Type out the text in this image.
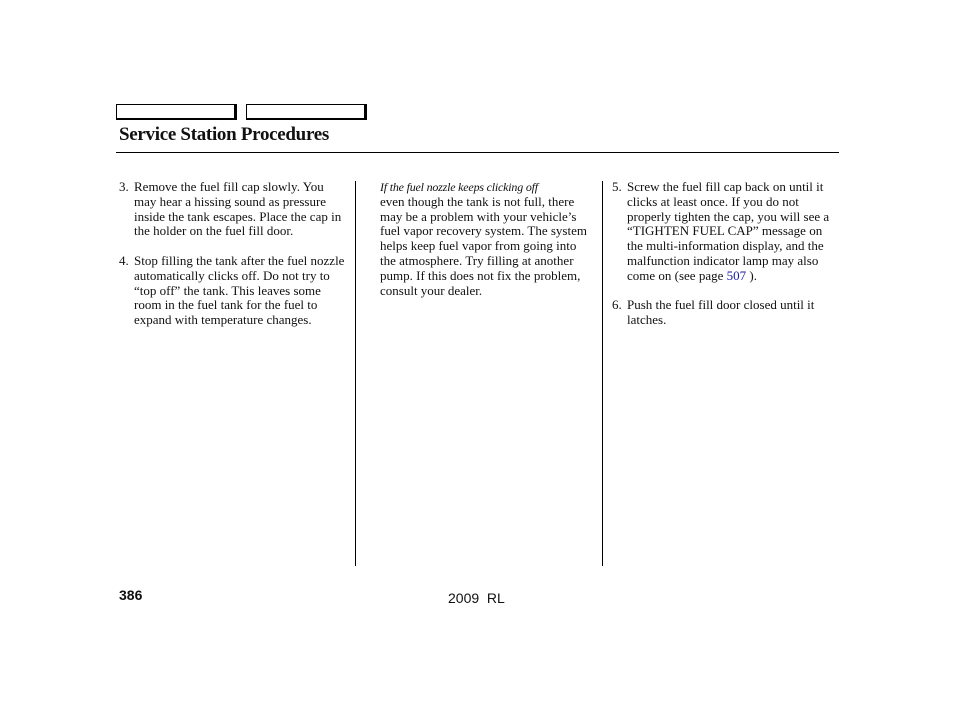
Service Station Procedures
3. Remove the fuel fill cap slowly. You may hear a hissing sound as pressure inside the tank escapes. Place the cap in the holder on the fuel fill door.
4. Stop filling the tank after the fuel nozzle automatically clicks off. Do not try to “top off” the tank. This leaves some room in the fuel tank for the fuel to expand with temperature changes.
If the fuel nozzle keeps clicking off
even though the tank is not full, there may be a problem with your vehicle’s fuel vapor recovery system. The system helps keep fuel vapor from going into the atmosphere. Try filling at another pump. If this does not fix the problem, consult your dealer.
5. Screw the fuel fill cap back on until it clicks at least once. If you do not properly tighten the cap, you will see a “TIGHTEN FUEL CAP” message on the multi-information display, and the malfunction indicator lamp may also come on (see page 507 ).
6. Push the fuel fill door closed until it latches.
386	2009  RL
